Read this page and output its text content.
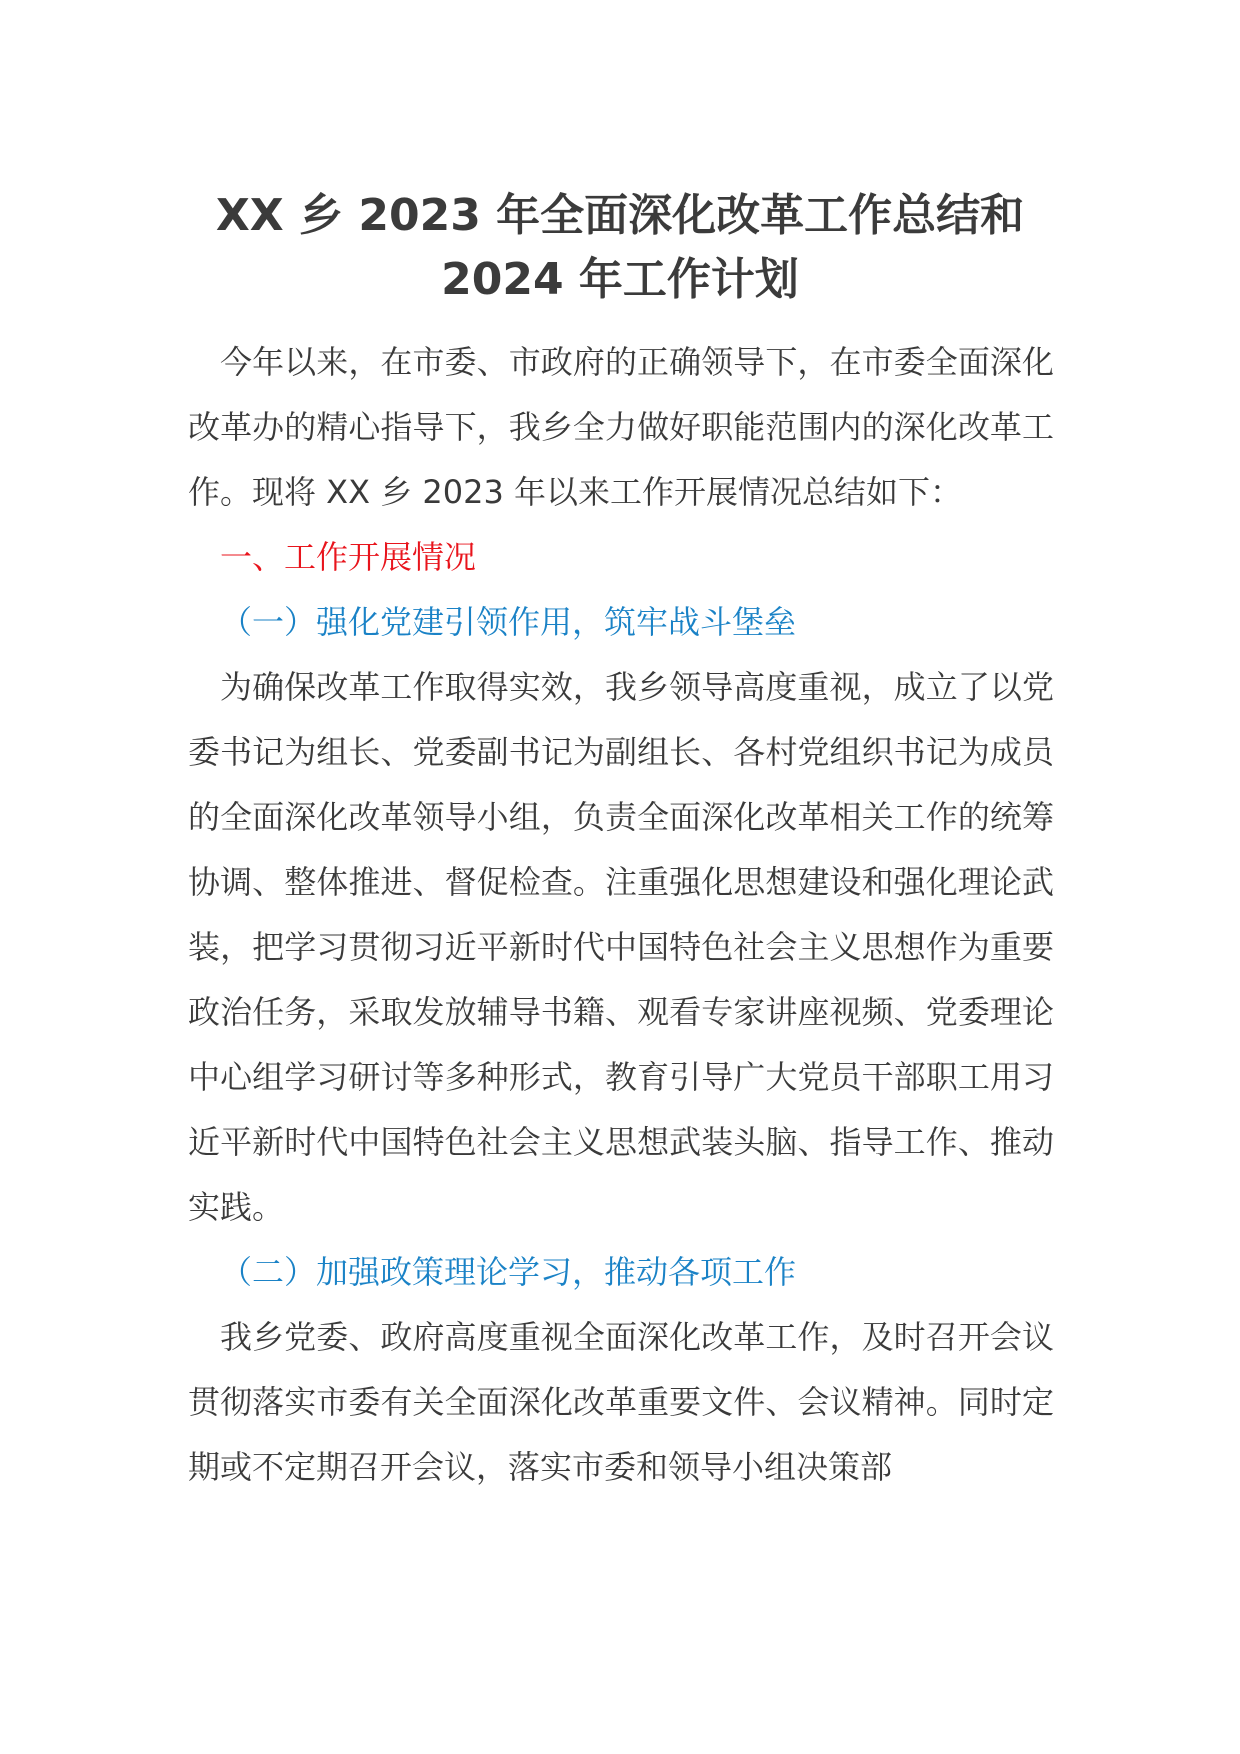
XX 乡 2023 年全面深化改革工作总结和
2024 年工作计划

今年以来，在市委、市政府的正确领导下，在市委全面深化改革办的精心指导下，我乡全力做好职能范围内的深化改革工作。现将 XX 乡 2023 年以来工作开展情况总结如下：

一、工作开展情况

（一）强化党建引领作用，筑牢战斗堡垒

为确保改革工作取得实效，我乡领导高度重视，成立了以党委书记为组长、党委副书记为副组长、各村党组织书记为成员的全面深化改革领导小组，负责全面深化改革相关工作的统筹协调、整体推进、督促检查。注重强化思想建设和强化理论武装，把学习贯彻习近平新时代中国特色社会主义思想作为重要政治任务，采取发放辅导书籍、观看专家讲座视频、党委理论中心组学习研讨等多种形式，教育引导广大党员干部职工用习近平新时代中国特色社会主义思想武装头脑、指导工作、推动实践。

（二）加强政策理论学习，推动各项工作

我乡党委、政府高度重视全面深化改革工作，及时召开会议贯彻落实市委有关全面深化改革重要文件、会议精神。同时定期或不定期召开会议，落实市委和领导小组决策部
